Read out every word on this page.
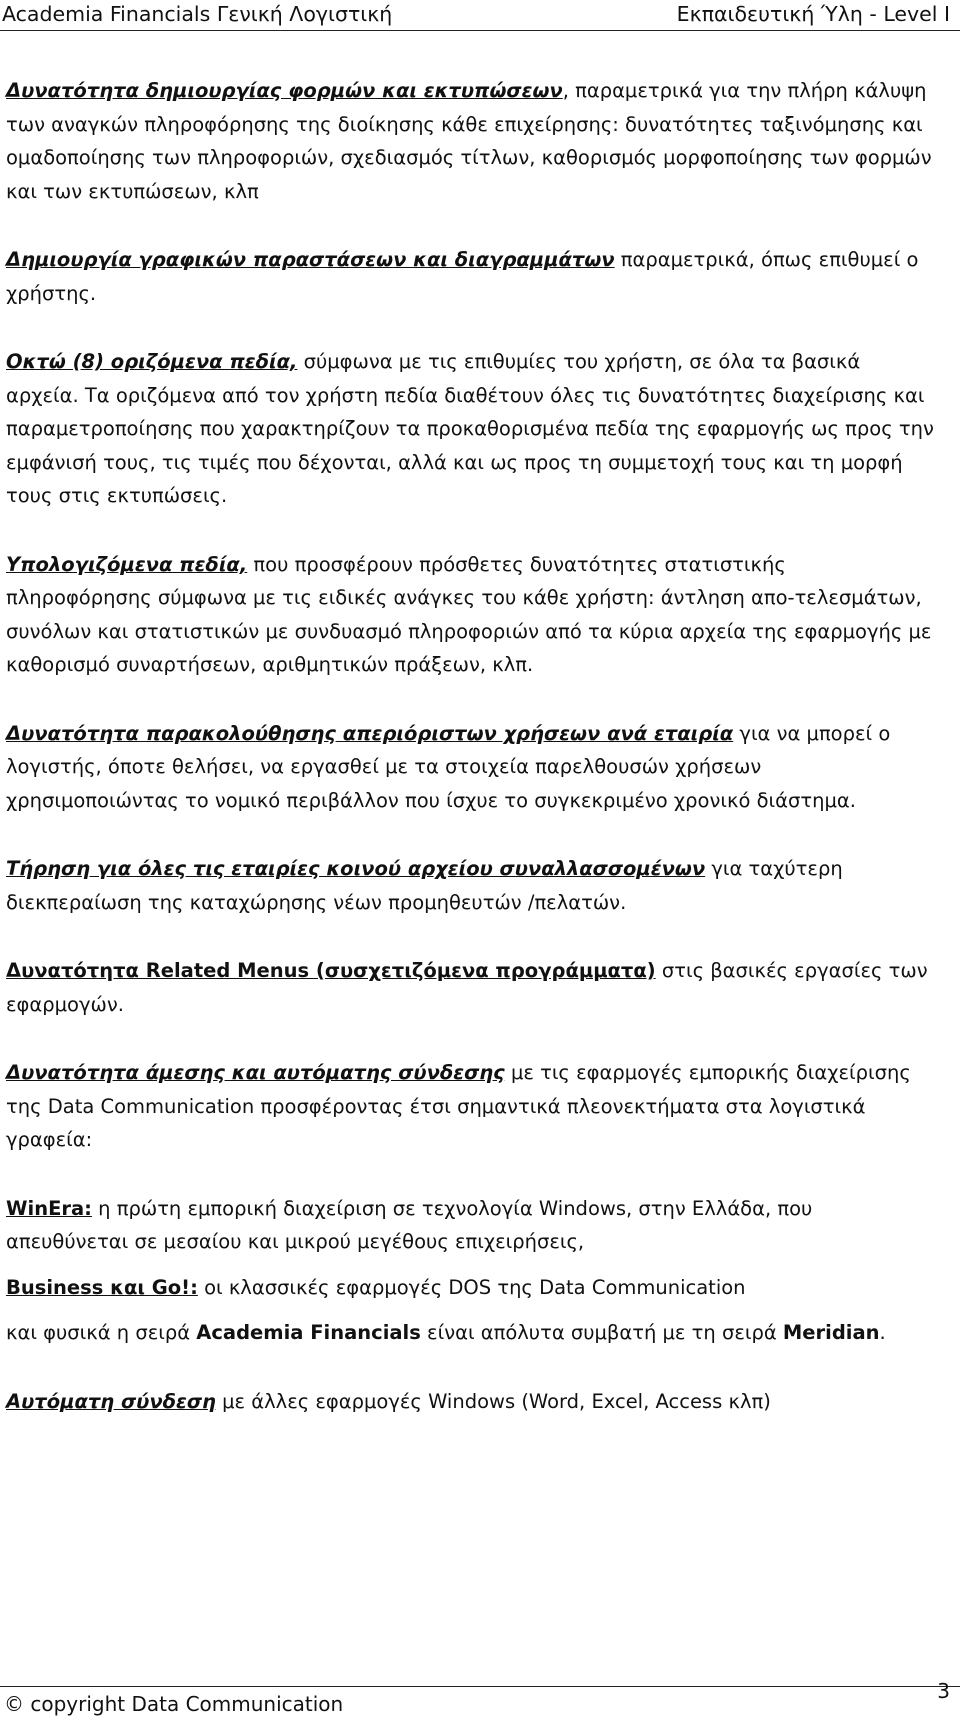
Academia Financials Γενική Λογιστική	Εκπαιδευτική Ύλη - Level I

Δυνατότητα δημιουργίας φορμών και εκτυπώσεων, παραμετρικά για την πλήρη κάλυψη των αναγκών πληροφόρησης της διοίκησης κάθε επιχείρησης: δυνατότητες ταξινόμησης και ομαδοποίησης των πληροφοριών, σχεδιασμός τίτλων, καθορισμός μορφοποίησης των φορμών και των εκτυπώσεων, κλπ

Δημιουργία γραφικών παραστάσεων και διαγραμμάτων παραμετρικά, όπως επιθυμεί ο χρήστης.

Οκτώ (8) οριζόμενα πεδία, σύμφωνα με τις επιθυμίες του χρήστη, σε όλα τα βασικά αρχεία. Τα οριζόμενα από τον χρήστη πεδία διαθέτουν όλες τις δυνατότητες διαχείρισης και παραμετροποίησης που χαρακτηρίζουν τα προκαθορισμένα πεδία της εφαρμογής ως προς την εμφάνισή τους, τις τιμές που δέχονται, αλλά και ως προς τη συμμετοχή τους και τη μορφή τους στις εκτυπώσεις.

Υπολογιζόμενα πεδία, που προσφέρουν πρόσθετες δυνατότητες στατιστικής πληροφόρησης σύμφωνα με τις ειδικές ανάγκες του κάθε χρήστη: άντληση απο-τελεσμάτων, συνόλων και στατιστικών με συνδυασμό πληροφοριών από τα κύρια αρχεία της εφαρμογής με καθορισμό συναρτήσεων, αριθμητικών πράξεων, κλπ.

Δυνατότητα παρακολούθησης απεριόριστων χρήσεων ανά εταιρία για να μπορεί ο λογιστής, όποτε θελήσει, να εργασθεί με τα στοιχεία παρελθουσών χρήσεων χρησιμοποιώντας το νομικό περιβάλλον που ίσχυε το συγκεκριμένο χρονικό διάστημα.

Τήρηση για όλες τις εταιρίες κοινού αρχείου συναλλασσομένων για ταχύτερη διεκπεραίωση της καταχώρησης νέων προμηθευτών /πελατών.

Δυνατότητα Related Menus (συσχετιζόμενα προγράμματα) στις βασικές εργασίες των εφαρμογών.

Δυνατότητα άμεσης και αυτόματης σύνδεσης με τις εφαρμογές εμπορικής διαχείρισης της Data Communication προσφέροντας έτσι σημαντικά πλεονεκτήματα στα λογιστικά γραφεία:

WinEra: η πρώτη εμπορική διαχείριση σε τεχνολογία Windows, στην Ελλάδα, που απευθύνεται σε μεσαίου και μικρού μεγέθους επιχειρήσεις,

Business και Go!: οι κλασσικές εφαρμογές DOS της Data Communication

και φυσικά η σειρά Academia Financials είναι απόλυτα συμβατή με τη σειρά Meridian.

Αυτόματη σύνδεση με άλλες εφαρμογές Windows (Word, Excel, Access κλπ)

© copyright Data Communication
3
